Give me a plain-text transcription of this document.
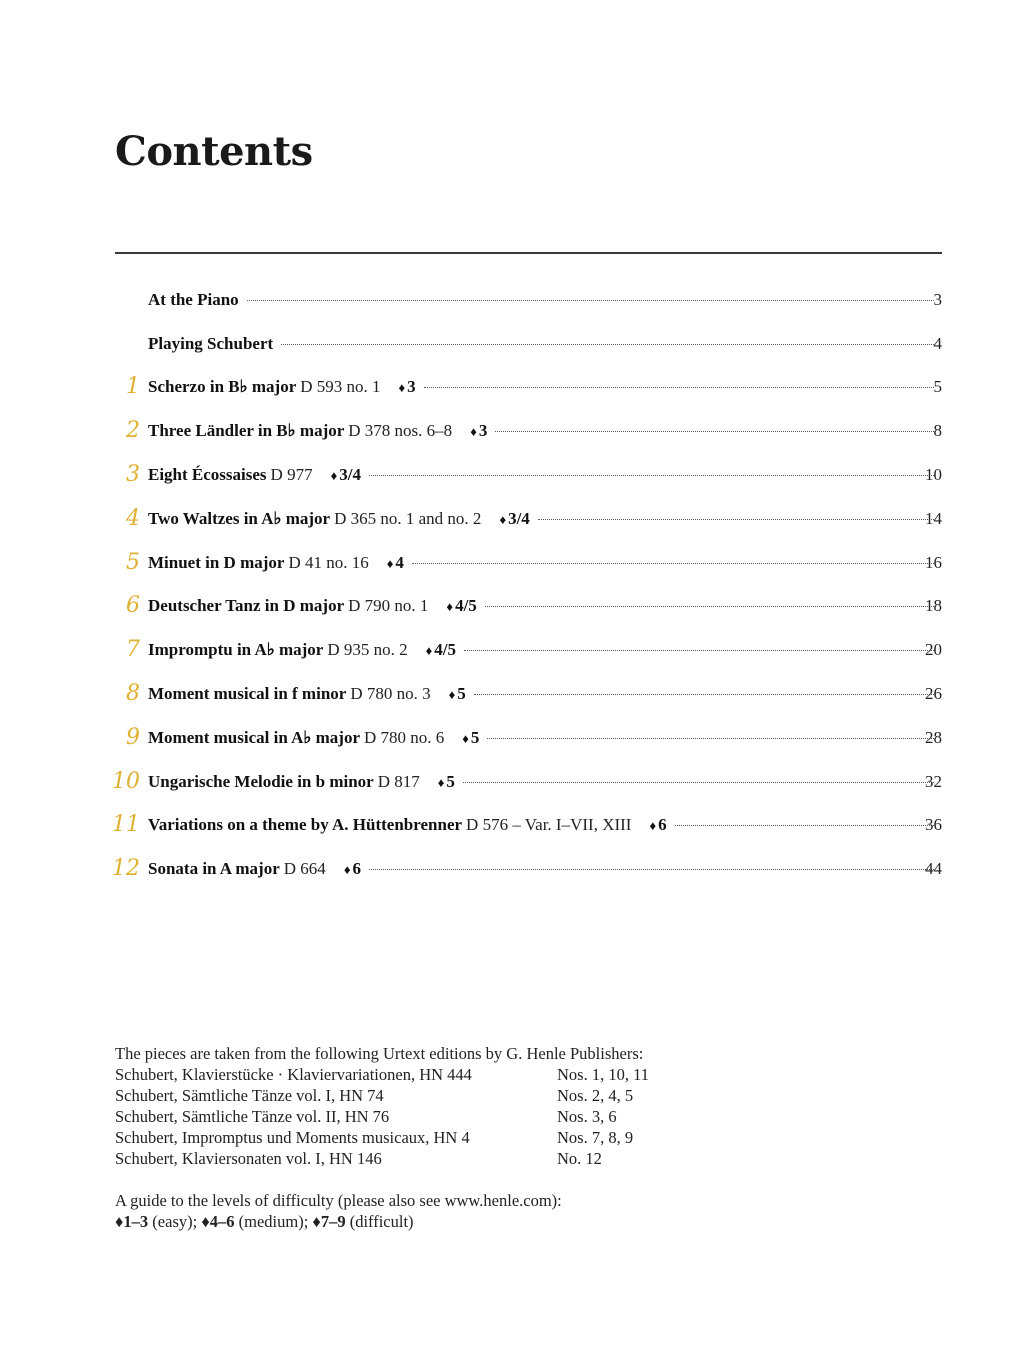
Contents
At the Piano	3
Playing Schubert	4
1 Scherzo in B♭ major D 593 no. 1 ♦ 3	5
2 Three Ländler in B♭ major D 378 nos. 6–8 ♦ 3	8
3 Eight Écossaises D 977 ♦ 3/4	10
4 Two Waltzes in A♭ major D 365 no. 1 and no. 2 ♦ 3/4	14
5 Minuet in D major D 41 no. 16 ♦ 4	16
6 Deutscher Tanz in D major D 790 no. 1 ♦ 4/5	18
7 Impromptu in A♭ major D 935 no. 2 ♦ 4/5	20
8 Moment musical in f minor D 780 no. 3 ♦ 5	26
9 Moment musical in A♭ major D 780 no. 6 ♦ 5	28
10 Ungarische Melodie in b minor D 817 ♦ 5	32
11 Variations on a theme by A. Hüttenbrenner D 576 – Var. I–VII, XIII ♦ 6	36
12 Sonata in A major D 664 ♦ 6	44
The pieces are taken from the following Urtext editions by G. Henle Publishers:
Schubert, Klavierstücke · Klaviervariationen, HN 444	Nos. 1, 10, 11
Schubert, Sämtliche Tänze vol. I, HN 74	Nos. 2, 4, 5
Schubert, Sämtliche Tänze vol. II, HN 76	Nos. 3, 6
Schubert, Impromptus und Moments musicaux, HN 4	Nos. 7, 8, 9
Schubert, Klaviersonaten vol. I, HN 146	No. 12
A guide to the levels of difficulty (please also see www.henle.com):
♦1–3 (easy); ♦4–6 (medium); ♦7–9 (difficult)
